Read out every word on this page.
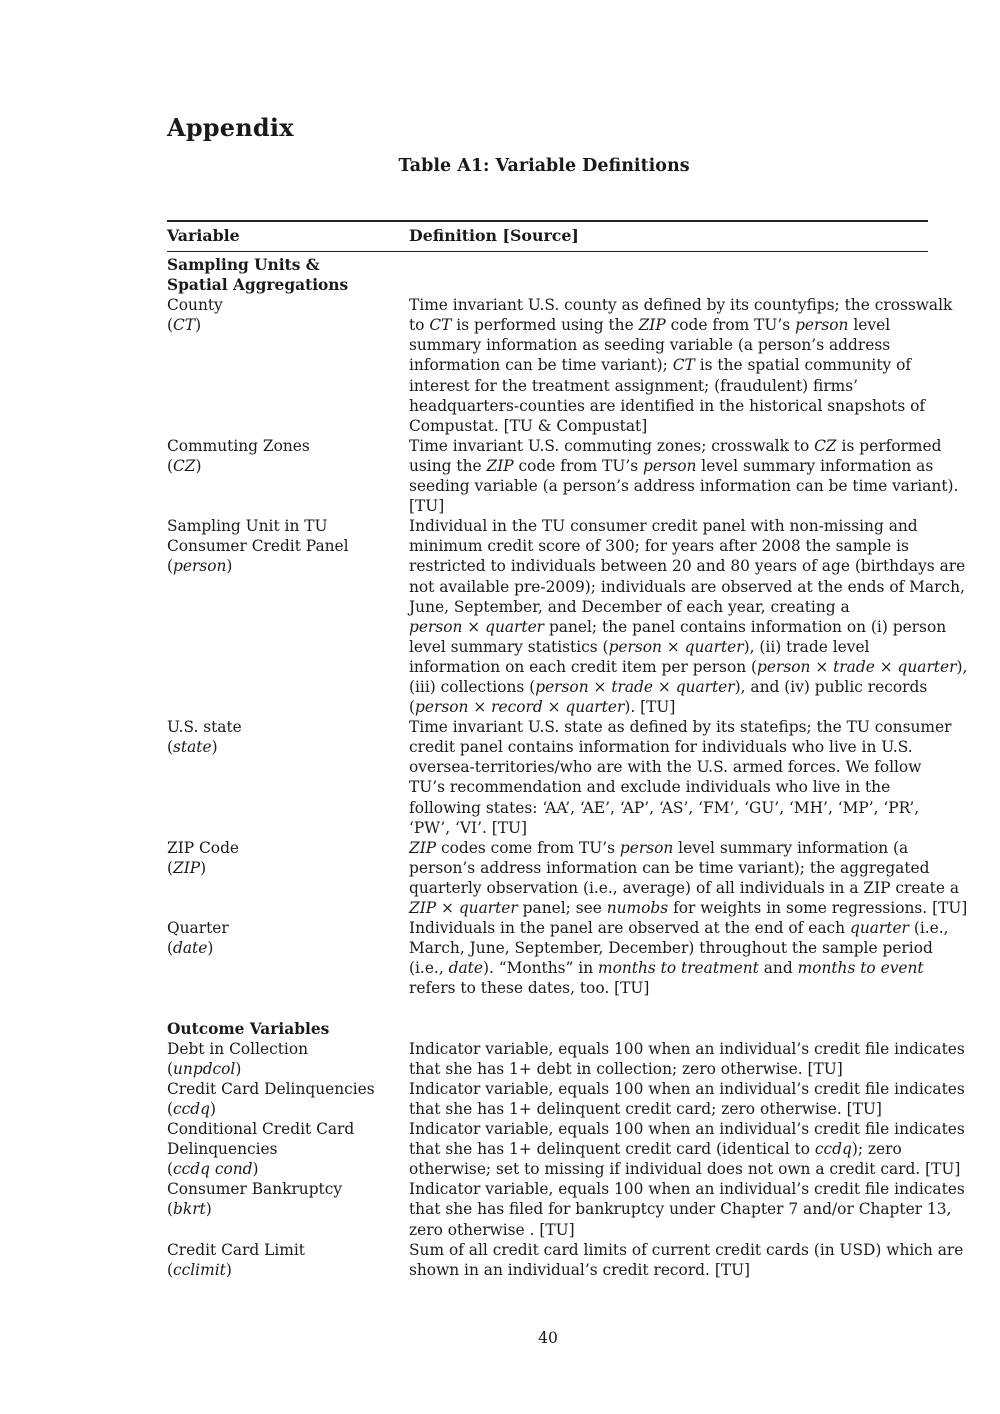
Appendix
Table A1: Variable Definitions
Variable	Definition [Source]
Sampling Units &
Spatial Aggregations
County
(CT)
Time invariant U.S. county as defined by its countyfips; the crosswalk
to CT is performed using the ZIP code from TU’s person level
summary information as seeding variable (a person’s address
information can be time variant); CT is the spatial community of
interest for the treatment assignment; (fraudulent) firms’
headquarters-counties are identified in the historical snapshots of
Compustat. [TU & Compustat]
Commuting Zones
(CZ)
Time invariant U.S. commuting zones; crosswalk to CZ is performed
using the ZIP code from TU’s person level summary information as
seeding variable (a person’s address information can be time variant).
[TU]
Sampling Unit in TU
Consumer Credit Panel
(person)
Individual in the TU consumer credit panel with non-missing and
minimum credit score of 300; for years after 2008 the sample is
restricted to individuals between 20 and 80 years of age (birthdays are
not available pre-2009); individuals are observed at the ends of March,
June, September, and December of each year, creating a
person × quarter panel; the panel contains information on (i) person
level summary statistics (person × quarter), (ii) trade level
information on each credit item per person (person × trade × quarter),
(iii) collections (person × trade × quarter), and (iv) public records
(person × record × quarter). [TU]
U.S. state
(state)
Time invariant U.S. state as defined by its statefips; the TU consumer
credit panel contains information for individuals who live in U.S.
oversea-territories/who are with the U.S. armed forces. We follow
TU’s recommendation and exclude individuals who live in the
following states: ‘AA’, ‘AE’, ‘AP’, ‘AS’, ‘FM’, ‘GU’, ‘MH’, ‘MP’, ‘PR’,
‘PW’, ‘VI’. [TU]
ZIP Code
(ZIP)
ZIP codes come from TU’s person level summary information (a
person’s address information can be time variant); the aggregated
quarterly observation (i.e., average) of all individuals in a ZIP create a
ZIP × quarter panel; see numobs for weights in some regressions. [TU]
Quarter
(date)
Individuals in the panel are observed at the end of each quarter (i.e.,
March, June, September, December) throughout the sample period
(i.e., date). “Months” in months to treatment and months to event
refers to these dates, too. [TU]
Outcome Variables
Debt in Collection
(unpdcol)
Indicator variable, equals 100 when an individual’s credit file indicates
that she has 1+ debt in collection; zero otherwise. [TU]
Credit Card Delinquencies
(ccdq)
Indicator variable, equals 100 when an individual’s credit file indicates
that she has 1+ delinquent credit card; zero otherwise. [TU]
Conditional Credit Card
Delinquencies
(ccdq cond)
Indicator variable, equals 100 when an individual’s credit file indicates
that she has 1+ delinquent credit card (identical to ccdq); zero
otherwise; set to missing if individual does not own a credit card. [TU]
Consumer Bankruptcy
(bkrt)
Indicator variable, equals 100 when an individual’s credit file indicates
that she has filed for bankruptcy under Chapter 7 and/or Chapter 13,
zero otherwise . [TU]
Credit Card Limit
(cclimit)
Sum of all credit card limits of current credit cards (in USD) which are
shown in an individual’s credit record. [TU]
40
